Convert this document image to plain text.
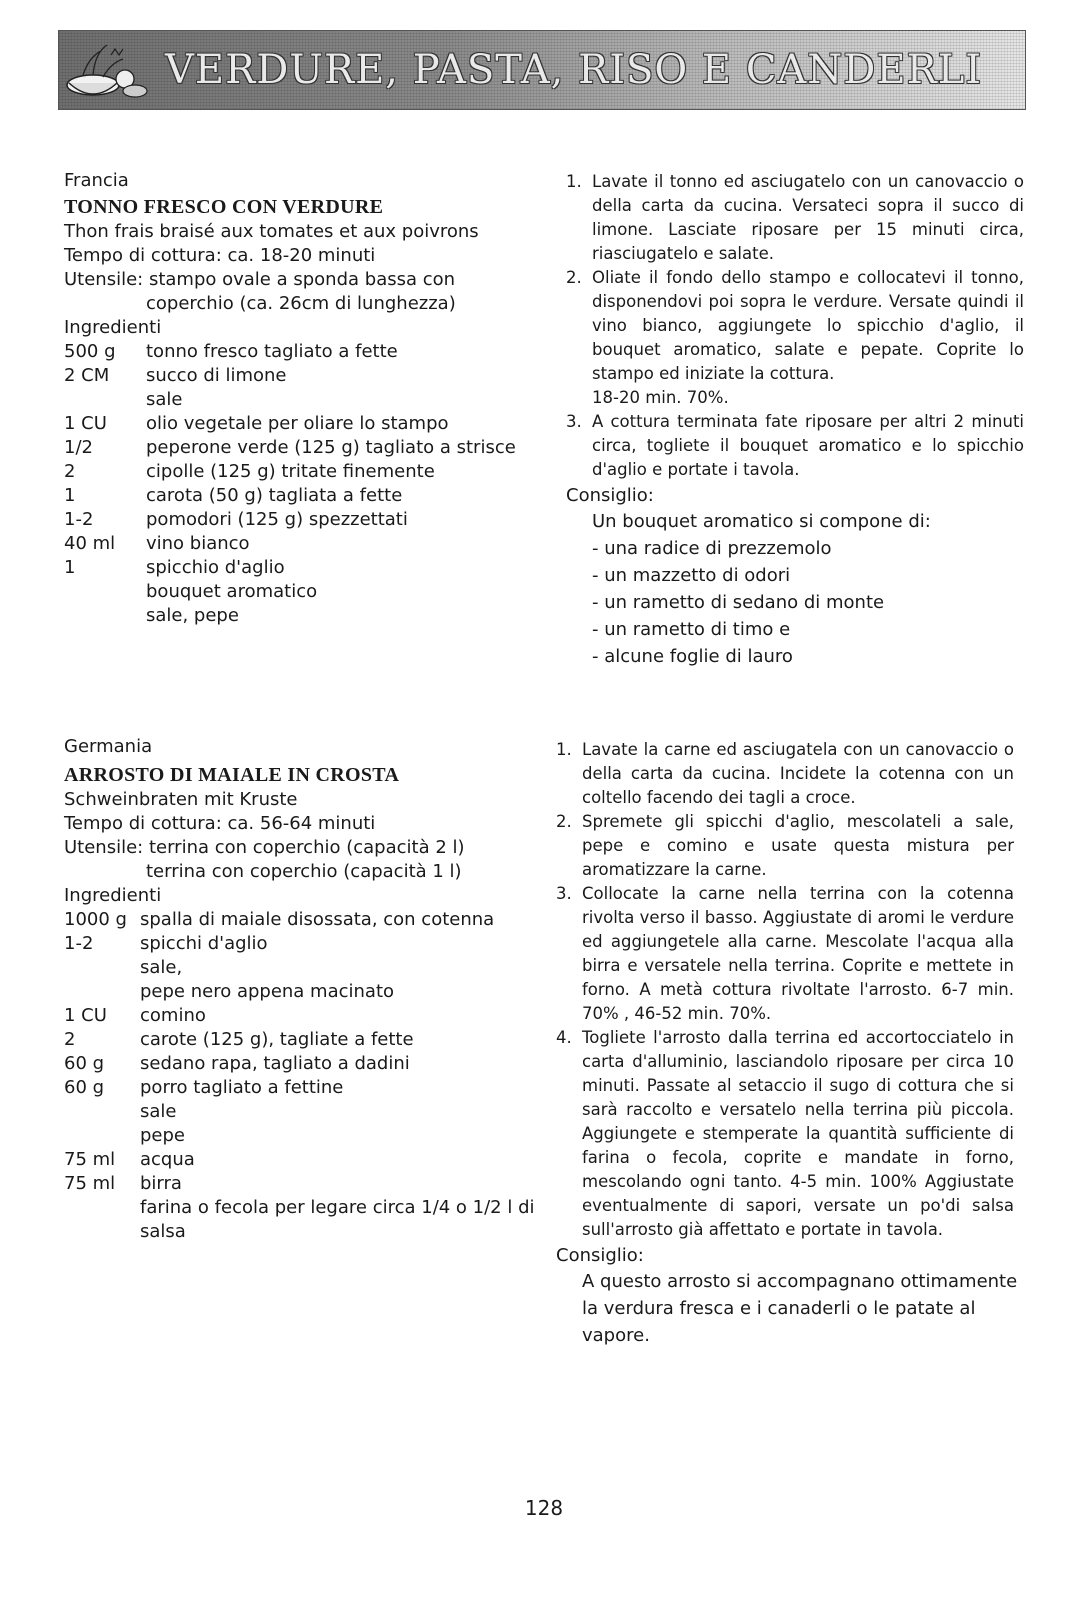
VERDURE, PASTA, RISO E CANDERLI
Francia
TONNO FRESCO CON VERDURE
Thon frais braisé aux tomates et aux poivrons
Tempo di cottura: ca. 18-20 minuti
Utensile: stampo ovale a sponda bassa con
coperchio (ca. 26cm di lunghezza)
Ingredienti
500 g tonno fresco tagliato a fette
2 CM succo di limone
sale
1 CU olio vegetale per oliare lo stampo
1/2	peperone verde (125 g) tagliato a strisce
2	cipolle (125 g) tritate finemente
1	carota (50 g) tagliata a fette
1-2	pomodori (125 g) spezzettati
40 ml vino bianco
1	spicchio d'aglio
bouquet aromatico
sale, pepe
1. Lavate il tonno ed asciugatelo con un canovaccio o della carta da cucina. Versateci sopra il succo di limone. Lasciate riposare per 15 minuti circa, riasciugatelo e salate.
2. Oliate il fondo dello stampo e collocatevi il tonno, disponendovi poi sopra le verdure. Versate quindi il vino bianco, aggiungete lo spicchio d'aglio, il bouquet aromatico, salate e pepate. Coprite lo stampo ed iniziate la cottura.
18-20 min. 70%.
3. A cottura terminata fate riposare per altri 2 minuti circa, togliete il bouquet aromatico e lo spicchio d'aglio e portate i tavola.
Consiglio:
Un bouquet aromatico si compone di:
- una radice di prezzemolo
- un mazzetto di odori
- un rametto di sedano di monte
- un rametto di timo e
- alcune foglie di lauro
Germania
ARROSTO DI MAIALE IN CROSTA
Schweinbraten mit Kruste
Tempo di cottura: ca. 56-64 minuti
Utensile: terrina con coperchio (capacità 2 l)
terrina con coperchio (capacità 1 l)
Ingredienti
1000 g spalla di maiale disossata, con cotenna
1-2	spicchi d'aglio
sale,
pepe nero appena macinato
1 CU comino
2	carote (125 g), tagliate a fette
60 g sedano rapa, tagliato a dadini
60 g porro tagliato a fettine
sale
pepe
75 ml acqua
75 ml birra
farina o fecola per legare circa 1/4 o 1/2 l di
salsa
1. Lavate la carne ed asciugatela con un canovaccio o della carta da cucina. Incidete la cotenna con un coltello facendo dei tagli a croce.
2. Spremete gli spicchi d'aglio, mescolateli a sale, pepe e comino e usate questa mistura per aromatizzare la carne.
3. Collocate la carne nella terrina con la cotenna rivolta verso il basso. Aggiustate di aromi le verdure ed aggiungetele alla carne. Mescolate l'acqua alla birra e versatele nella terrina. Coprite e mettete in forno. A metà cottura rivoltate l'arrosto. 6-7 min. 70% , 46-52 min. 70%.
4. Togliete l'arrosto dalla terrina ed accortocciatelo in carta d'alluminio, lasciandolo riposare per circa 10 minuti. Passate al setaccio il sugo di cottura che si sarà raccolto e versatelo nella terrina più piccola. Aggiungete e stemperate la quantità sufficiente di farina o fecola, coprite e mandate in forno, mescolando ogni tanto. 4-5 min. 100% Aggiustate eventualmente di sapori, versate un po'di salsa sull'arrosto già affettato e portate in tavola.
Consiglio:
A questo arrosto si accompagnano ottimamente
la verdura fresca e i canaderli o le patate al
vapore.
128
